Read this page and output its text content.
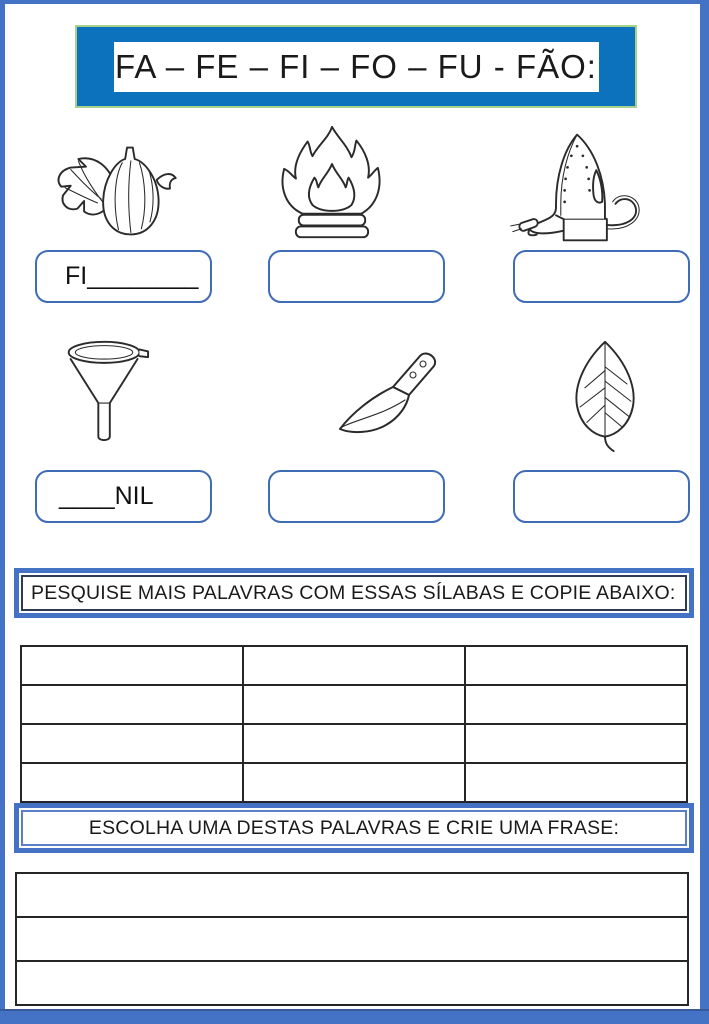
FA – FE – FI – FO – FU - FÃO:
FI________
____NIL
PESQUISE MAIS PALAVRAS COM ESSAS SÍLABAS E COPIE ABAIXO:

ESCOLHA UMA DESTAS PALAVRAS E CRIE UMA FRASE:
